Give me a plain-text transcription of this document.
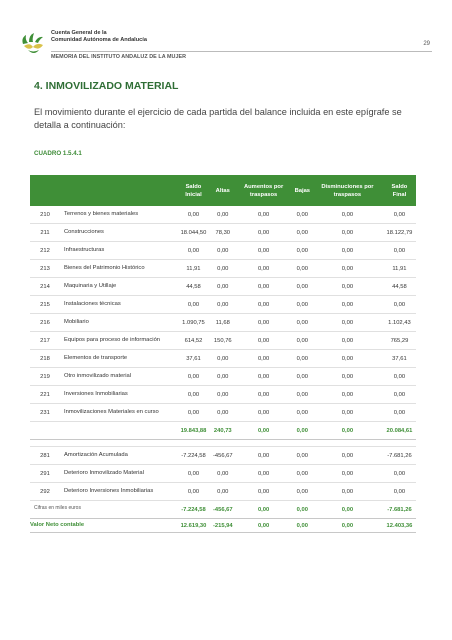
Cuenta General de la
Comunidad Autónoma de Andalucía
MEMORIA DEL INSTITUTO ANDALUZ DE LA MUJER
29
4. INMOVILIZADO MATERIAL
El movimiento durante el ejercicio de cada partida del balance incluida en este epígrafe se detalla a continuación:
CUADRO 1.5.4.1
		Saldo Inicial	Altas	Aumentos por traspasos	Bajas	Disminuciones por traspasos	Saldo Final
210	Terrenos y bienes materiales	0,00	0,00	0,00	0,00	0,00	0,00
211	Construcciones	18.044,50	78,30	0,00	0,00	0,00	18.122,79
212	Infraestructuras	0,00	0,00	0,00	0,00	0,00	0,00
213	Bienes del Patrimonio Histórico	11,91	0,00	0,00	0,00	0,00	11,91
214	Maquinaria y Utillaje	44,58	0,00	0,00	0,00	0,00	44,58
215	Instalaciones técnicas	0,00	0,00	0,00	0,00	0,00	0,00
216	Mobiliario	1.090,75	11,68	0,00	0,00	0,00	1.102,43
217	Equipos para proceso de información	614,52	150,76	0,00	0,00	0,00	765,29
218	Elementos de transporte	37,61	0,00	0,00	0,00	0,00	37,61
219	Otro inmovilizado material	0,00	0,00	0,00	0,00	0,00	0,00
221	Inversiones Inmobiliarias	0,00	0,00	0,00	0,00	0,00	0,00
231	Inmovilizaciones Materiales en curso	0,00	0,00	0,00	0,00	0,00	0,00
		19.843,88	240,73	0,00	0,00	0,00	20.084,61

281	Amortización Acumulada	-7.224,58	-456,67	0,00	0,00	0,00	-7.681,26
291	Deterioro Inmovilizado Material	0,00	0,00	0,00	0,00	0,00	0,00
292	Deterioro Inversiones Inmobiliarias	0,00	0,00	0,00	0,00	0,00	0,00
		-7.224,58	-456,67	0,00	0,00	0,00	-7.681,26
Valor Neto contable		12.619,30	-215,94	0,00	0,00	0,00	12.403,36
Cifras en miles euros
